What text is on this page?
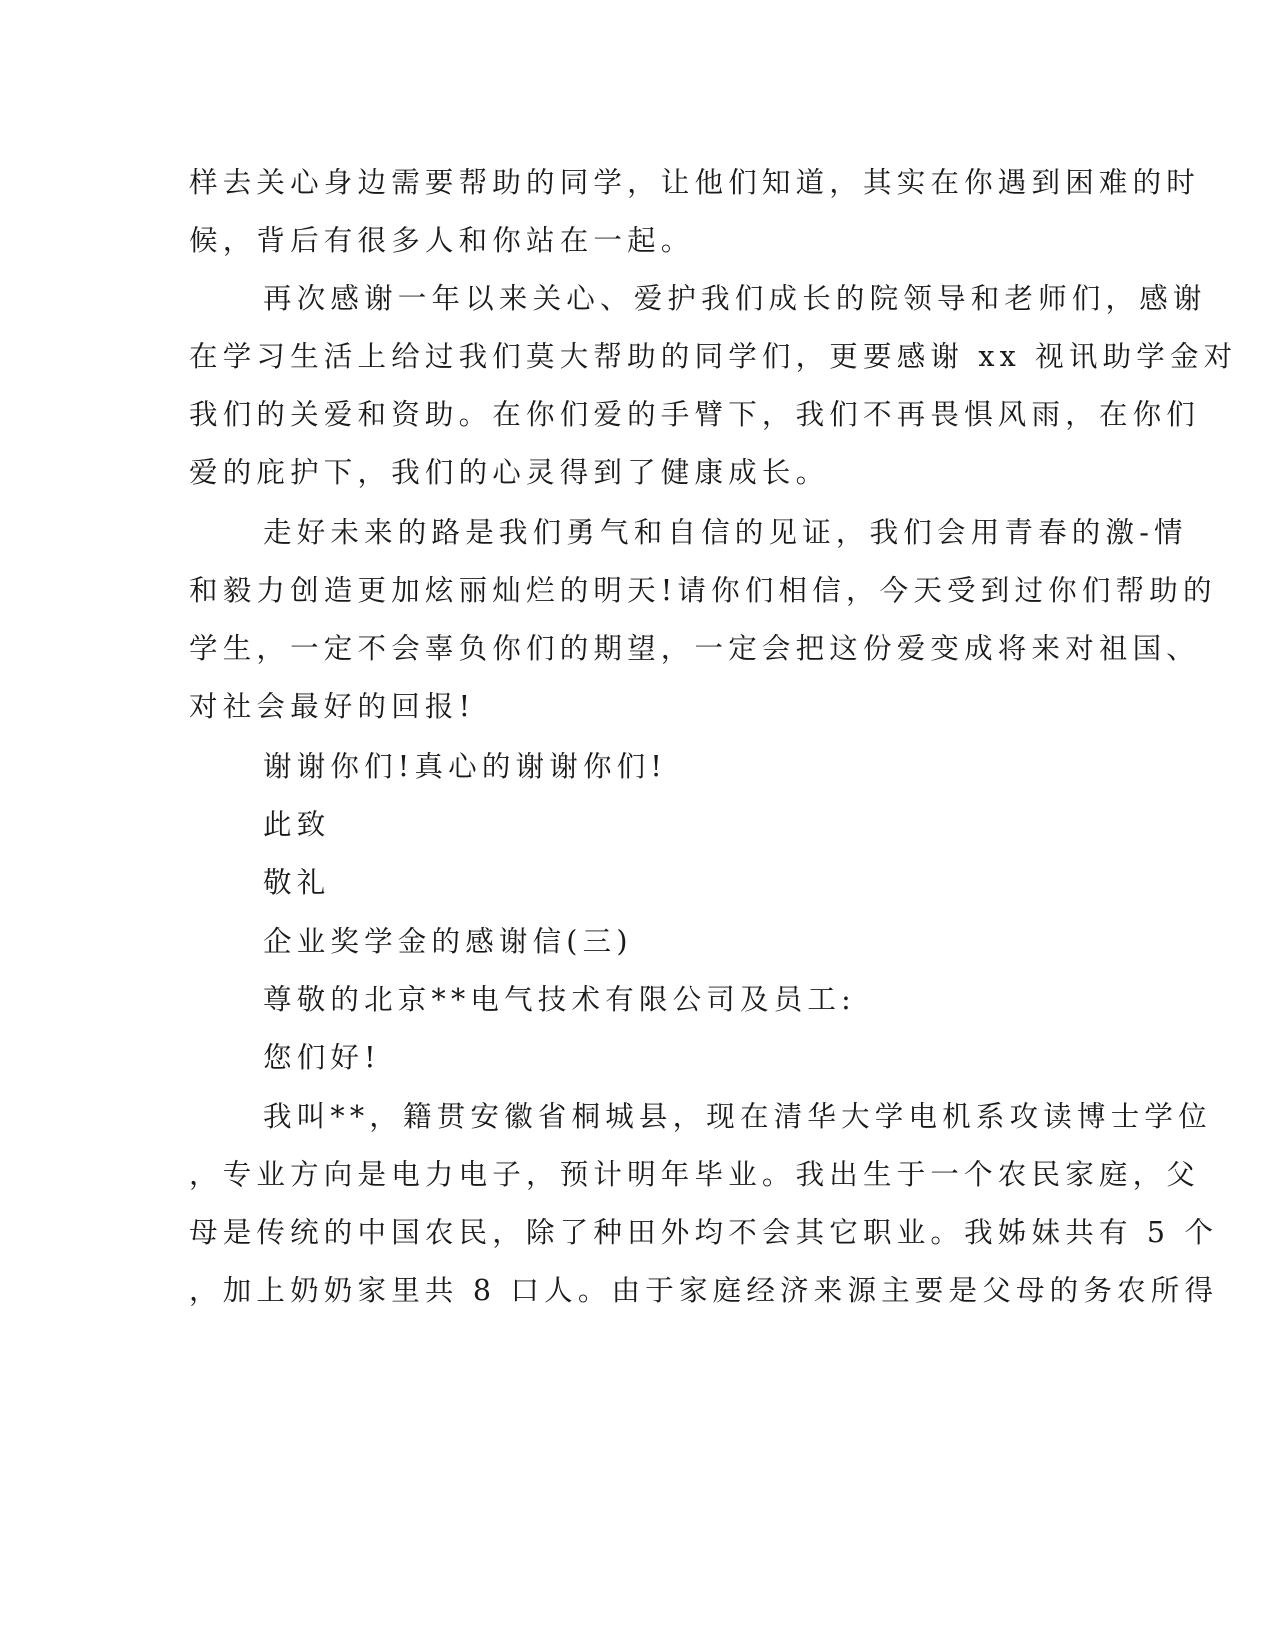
样去关心身边需要帮助的同学，让他们知道，其实在你遇到困难的时
候，背后有很多人和你站在一起。
再次感谢一年以来关心、爱护我们成长的院领导和老师们，感谢
在学习生活上给过我们莫大帮助的同学们，更要感谢 xx 视讯助学金对
我们的关爱和资助。在你们爱的手臂下，我们不再畏惧风雨，在你们
爱的庇护下，我们的心灵得到了健康成长。
走好未来的路是我们勇气和自信的见证，我们会用青春的激-情
和毅力创造更加炫丽灿烂的明天!请你们相信，今天受到过你们帮助的
学生，一定不会辜负你们的期望，一定会把这份爱变成将来对祖国、
对社会最好的回报!
谢谢你们!真心的谢谢你们!
此致
敬礼
企业奖学金的感谢信(三)
尊敬的北京**电气技术有限公司及员工:
您们好!
我叫**，籍贯安徽省桐城县，现在清华大学电机系攻读博士学位
，专业方向是电力电子，预计明年毕业。我出生于一个农民家庭，父
母是传统的中国农民，除了种田外均不会其它职业。我姊妹共有 5 个
，加上奶奶家里共 8 口人。由于家庭经济来源主要是父母的务农所得
